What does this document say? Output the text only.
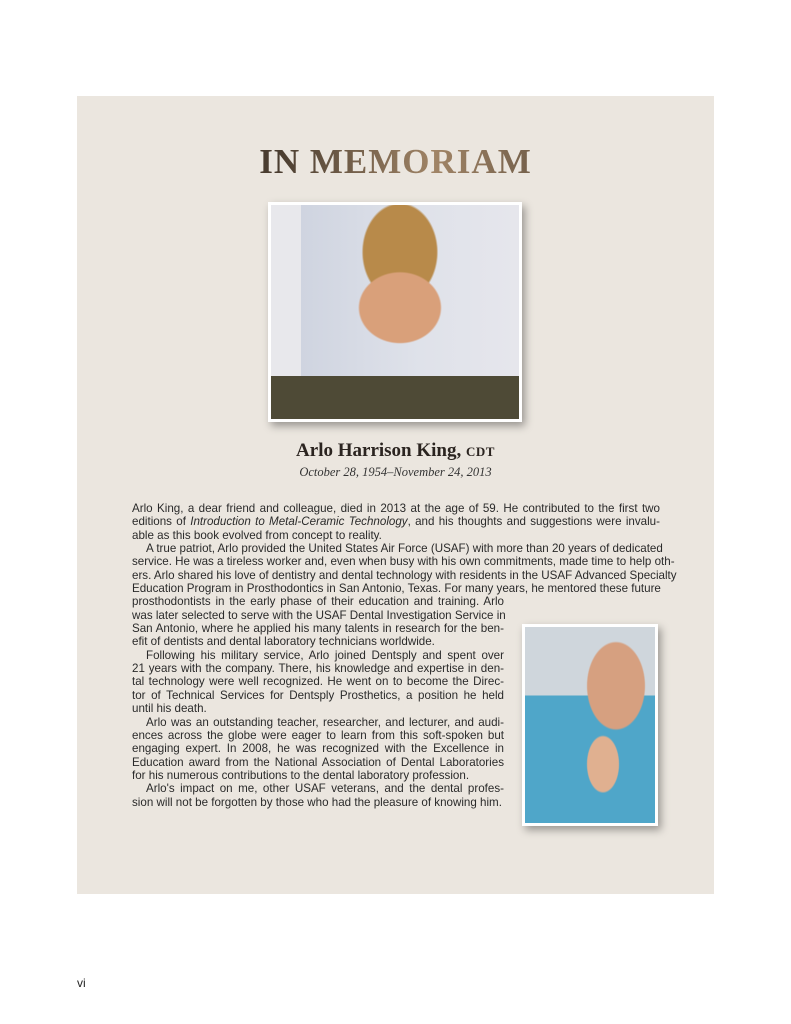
IN MEMORIAM
Arlo Harrison King, CDT
October 28, 1954–November 24, 2013
Arlo King, a dear friend and colleague, died in 2013 at the age of 59. He contributed to the first two
editions of Introduction to Metal-Ceramic Technology, and his thoughts and suggestions were invalu-
able as this book evolved from concept to reality.
A true patriot, Arlo provided the United States Air Force (USAF) with more than 20 years of dedicated
service. He was a tireless worker and, even when busy with his own commitments, made time to help oth-
ers. Arlo shared his love of dentistry and dental technology with residents in the USAF Advanced Specialty
Education Program in Prosthodontics in San Antonio, Texas. For many years, he mentored these future
prosthodontists in the early phase of their education and training. Arlo
was later selected to serve with the USAF Dental Investigation Service in
San Antonio, where he applied his many talents in research for the ben-
efit of dentists and dental laboratory technicians worldwide.
Following his military service, Arlo joined Dentsply and spent over
21 years with the company. There, his knowledge and expertise in den-
tal technology were well recognized. He went on to become the Direc-
tor of Technical Services for Dentsply Prosthetics, a position he held
until his death.
Arlo was an outstanding teacher, researcher, and lecturer, and audi-
ences across the globe were eager to learn from this soft-spoken but
engaging expert. In 2008, he was recognized with the Excellence in
Education award from the National Association of Dental Laboratories
for his numerous contributions to the dental laboratory profession.
Arlo's impact on me, other USAF veterans, and the dental profes-
sion will not be forgotten by those who had the pleasure of knowing him.
vi
